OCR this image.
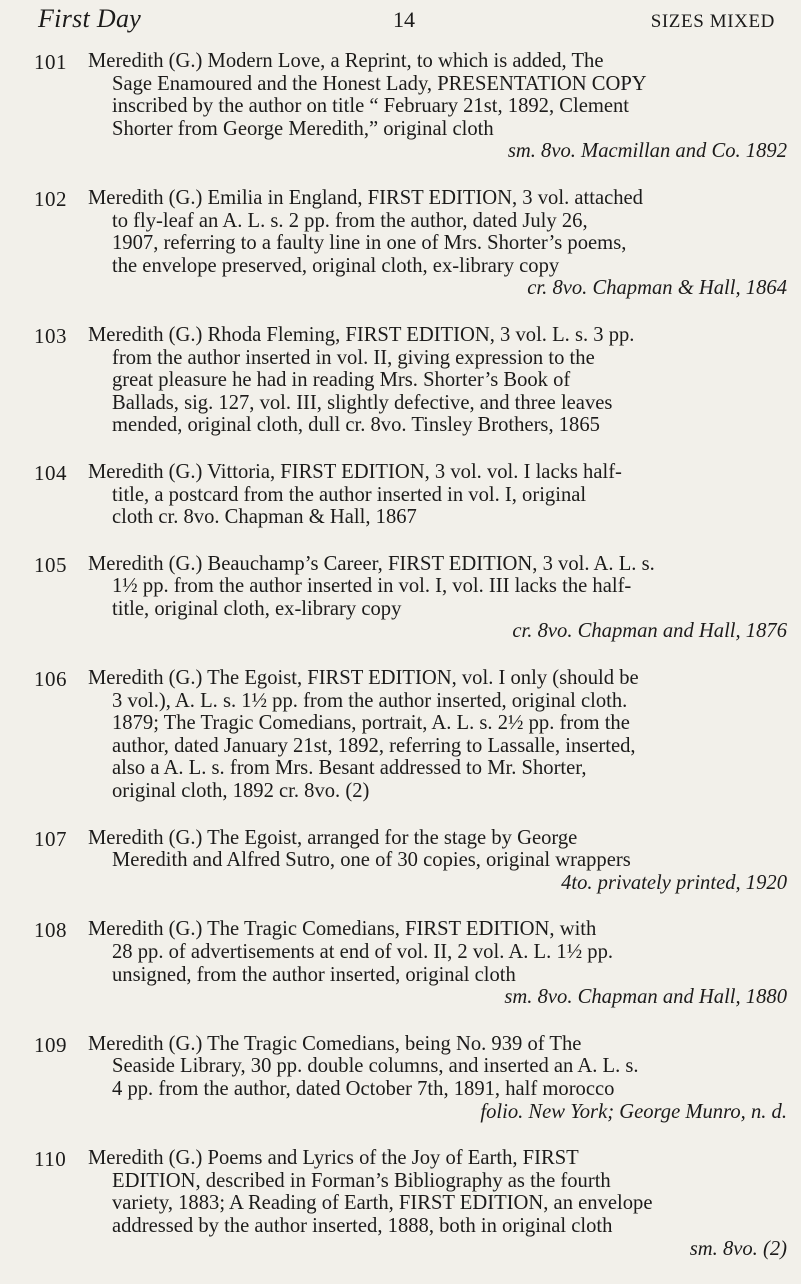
First Day	14	SIZES MIXED
101 Meredith (G.) Modern Love, a Reprint, to which is added, The
Sage Enamoured and the Honest Lady, PRESENTATION COPY
inscribed by the author on title “ February 21st, 1892, Clement
Shorter from George Meredith,” original cloth
sm. 8vo. Macmillan and Co. 1892
102 Meredith (G.) Emilia in England, FIRST EDITION, 3 vol. attached
to fly-leaf an A. L. s. 2 pp. from the author, dated July 26,
1907, referring to a faulty line in one of Mrs. Shorter’s poems,
the envelope preserved, original cloth, ex-library copy
cr. 8vo. Chapman & Hall, 1864
103 Meredith (G.) Rhoda Fleming, FIRST EDITION, 3 vol. L. s. 3 pp.
from the author inserted in vol. II, giving expression to the
great pleasure he had in reading Mrs. Shorter’s Book of
Ballads, sig. 127, vol. III, slightly defective, and three leaves
mended, original cloth, dull cr. 8vo. Tinsley Brothers, 1865
104 Meredith (G.) Vittoria, FIRST EDITION, 3 vol. vol. I lacks half-
title, a postcard from the author inserted in vol. I, original
cloth cr. 8vo. Chapman & Hall, 1867
105 Meredith (G.) Beauchamp’s Career, FIRST EDITION, 3 vol. A. L. s.
1½ pp. from the author inserted in vol. I, vol. III lacks the half-
title, original cloth, ex-library copy
cr. 8vo. Chapman and Hall, 1876
106 Meredith (G.) The Egoist, FIRST EDITION, vol. I only (should be
3 vol.), A. L. s. 1½ pp. from the author inserted, original cloth.
1879; The Tragic Comedians, portrait, A. L. s. 2½ pp. from the
author, dated January 21st, 1892, referring to Lassalle, inserted,
also a A. L. s. from Mrs. Besant addressed to Mr. Shorter,
original cloth, 1892 cr. 8vo. (2)
107 Meredith (G.) The Egoist, arranged for the stage by George
Meredith and Alfred Sutro, one of 30 copies, original wrappers
4to. privately printed, 1920
108 Meredith (G.) The Tragic Comedians, FIRST EDITION, with
28 pp. of advertisements at end of vol. II, 2 vol. A. L. 1½ pp.
unsigned, from the author inserted, original cloth
sm. 8vo. Chapman and Hall, 1880
109 Meredith (G.) The Tragic Comedians, being No. 939 of The
Seaside Library, 30 pp. double columns, and inserted an A. L. s.
4 pp. from the author, dated October 7th, 1891, half morocco
folio. New York; George Munro, n. d.
110 Meredith (G.) Poems and Lyrics of the Joy of Earth, FIRST
EDITION, described in Forman’s Bibliography as the fourth
variety, 1883; A Reading of Earth, FIRST EDITION, an envelope
addressed by the author inserted, 1888, both in original cloth
sm. 8vo. (2)
